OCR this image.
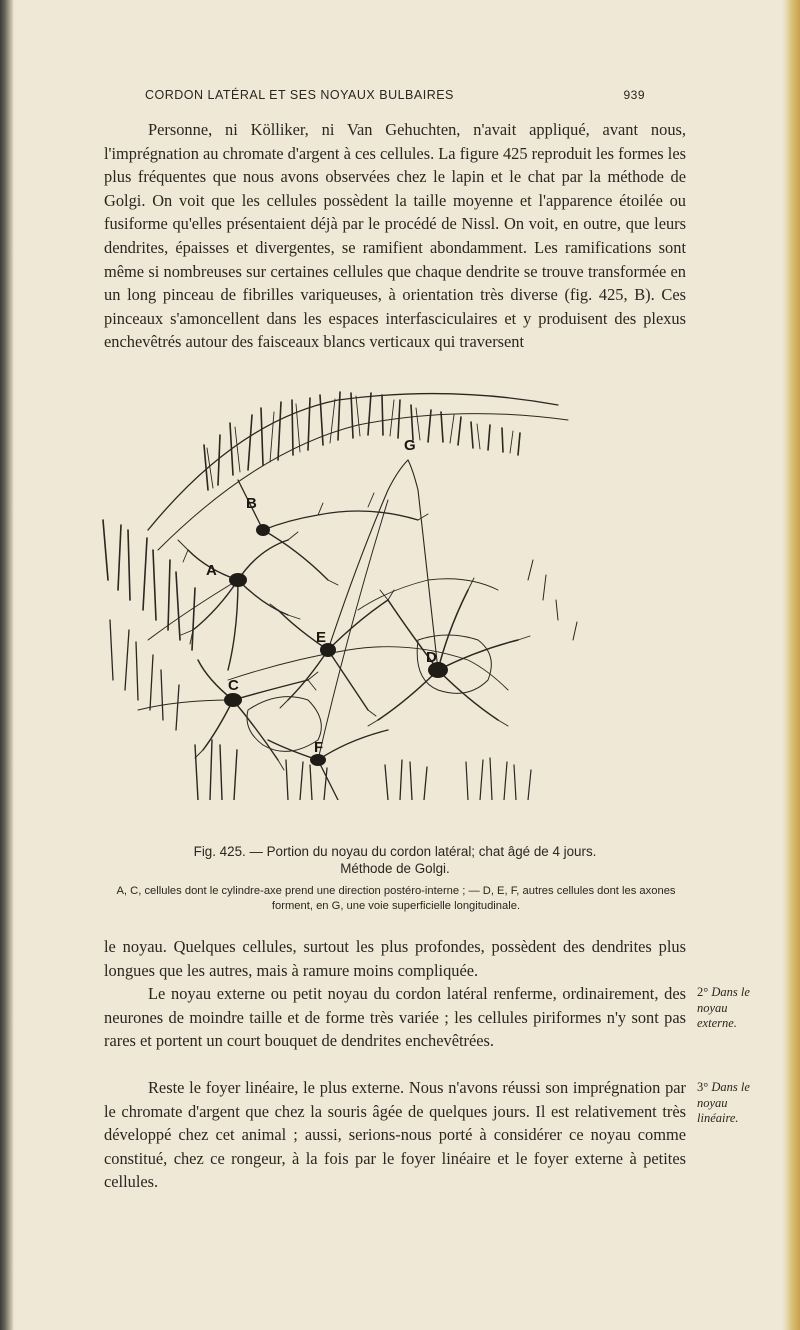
CORDON LATÉRAL ET SES NOYAUX BULBAIRES	939
Personne, ni Kölliker, ni Van Gehuchten, n'avait appliqué, avant nous, l'imprégnation au chromate d'argent à ces cellules. La figure 425 reproduit les formes les plus fréquentes que nous avons observées chez le lapin et le chat par la méthode de Golgi. On voit que les cellules possèdent la taille moyenne et l'apparence étoilée ou fusiforme qu'elles présentaient déjà par le procédé de Nissl. On voit, en outre, que leurs dendrites, épaisses et divergentes, se ramifient abondamment. Les ramifications sont même si nombreuses sur certaines cellules que chaque dendrite se trouve transformée en un long pinceau de fibrilles variqueuses, à orientation très diverse (fig. 425, B). Ces pinceaux s'amoncellent dans les espaces interfasciculaires et y produisent des plexus enchevêtrés autour des faisceaux blancs verticaux qui traversent
A
B
C
D
E
F
G
Fig. 425. — Portion du noyau du cordon latéral; chat âgé de 4 jours.
Méthode de Golgi.
A, C, cellules dont le cylindre-axe prend une direction postéro-interne ; — D, E, F, autres cellules dont les axones forment, en G, une voie superficielle longitudinale.
le noyau. Quelques cellules, surtout les plus profondes, possèdent des dendrites plus longues que les autres, mais à ramure moins compliquée.
Le noyau externe ou petit noyau du cordon latéral renferme, ordinairement, des neurones de moindre taille et de forme très variée ; les cellules piriformes n'y sont pas rares et portent un court bouquet de dendrites enchevêtrées.
Reste le foyer linéaire, le plus externe. Nous n'avons réussi son imprégnation par le chromate d'argent que chez la souris âgée de quelques jours. Il est relativement très développé chez cet animal ; aussi, serions-nous porté à considérer ce noyau comme constitué, chez ce rongeur, à la fois par le foyer linéaire et le foyer externe à petites cellules.
2° Dans le noyau externe.
3° Dans le noyau linéaire.
